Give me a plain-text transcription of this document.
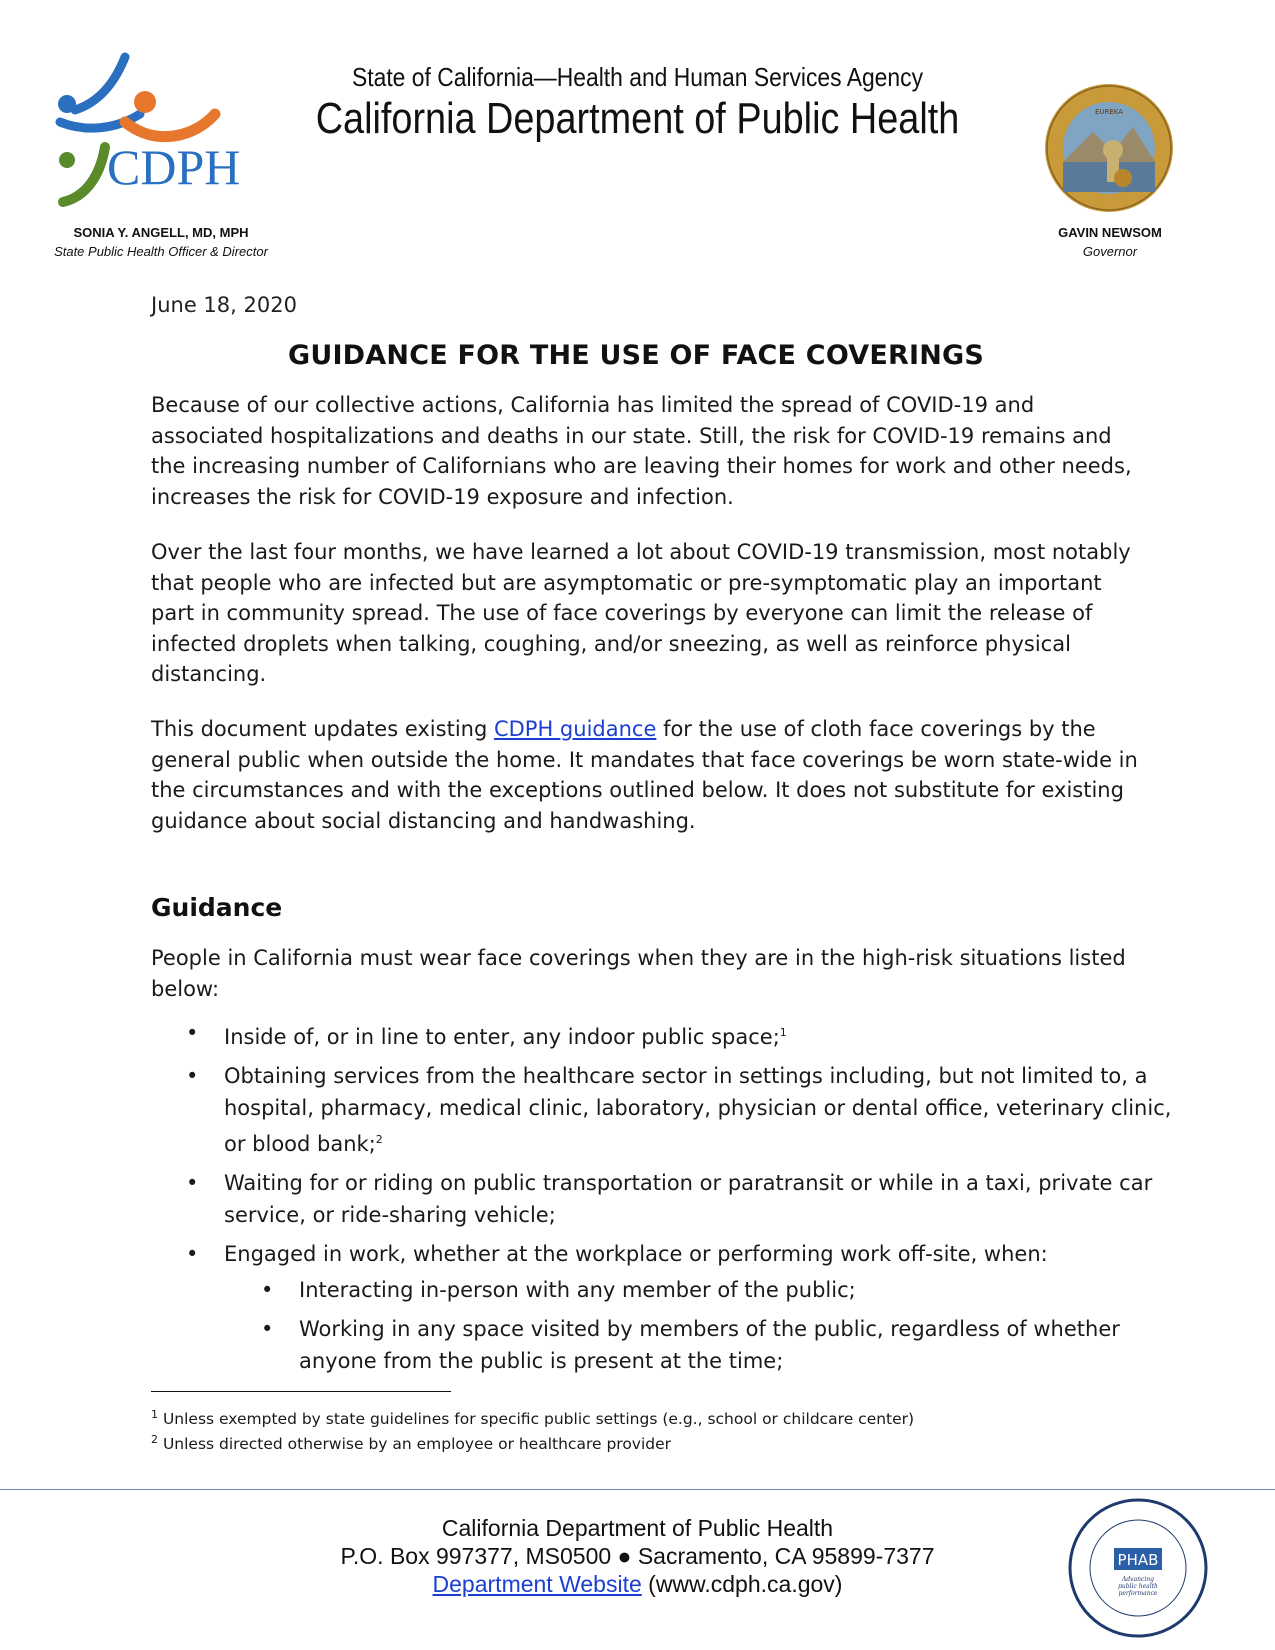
CDPH
EUREKA
State of California—Health and Human Services Agency
California Department of Public Health
SONIA Y. ANGELL, MD, MPH
State Public Health Officer & Director
GAVIN NEWSOM
Governor
June 18, 2020
GUIDANCE FOR THE USE OF FACE COVERINGS
Because of our collective actions, California has limited the spread of COVID-19 and associated hospitalizations and deaths in our state. Still, the risk for COVID-19 remains and the increasing number of Californians who are leaving their homes for work and other needs, increases the risk for COVID-19 exposure and infection.
Over the last four months, we have learned a lot about COVID-19 transmission, most notably that people who are infected but are asymptomatic or pre-symptomatic play an important part in community spread. The use of face coverings by everyone can limit the release of infected droplets when talking, coughing, and/or sneezing, as well as reinforce physical distancing.
This document updates existing CDPH guidance for the use of cloth face coverings by the general public when outside the home. It mandates that face coverings be worn state-wide in the circumstances and with the exceptions outlined below. It does not substitute for existing guidance about social distancing and handwashing.
Guidance
People in California must wear face coverings when they are in the high-risk situations listed below:
• Inside of, or in line to enter, any indoor public space;$^1$
• Obtaining services from the healthcare sector in settings including, but not limited to, a hospital, pharmacy, medical clinic, laboratory, physician or dental office, veterinary clinic, or blood bank;$^2$
• Waiting for or riding on public transportation or paratransit or while in a taxi, private car service, or ride-sharing vehicle;
• Engaged in work, whether at the workplace or performing work off-site, when:
•	Interacting in-person with any member of the public;
•	Working in any space visited by members of the public, regardless of whether anyone from the public is present at the time;
$^1$ Unless exempted by state guidelines for specific public settings (e.g., school or childcare center)
$^2$ Unless directed otherwise by an employee or healthcare provider
California Department of Public Health
P.O. Box 997377, MS0500 ● Sacramento, CA 95899-7377
Department Website (www.cdph.ca.gov)
PHAB
Advancing
public health
performance
